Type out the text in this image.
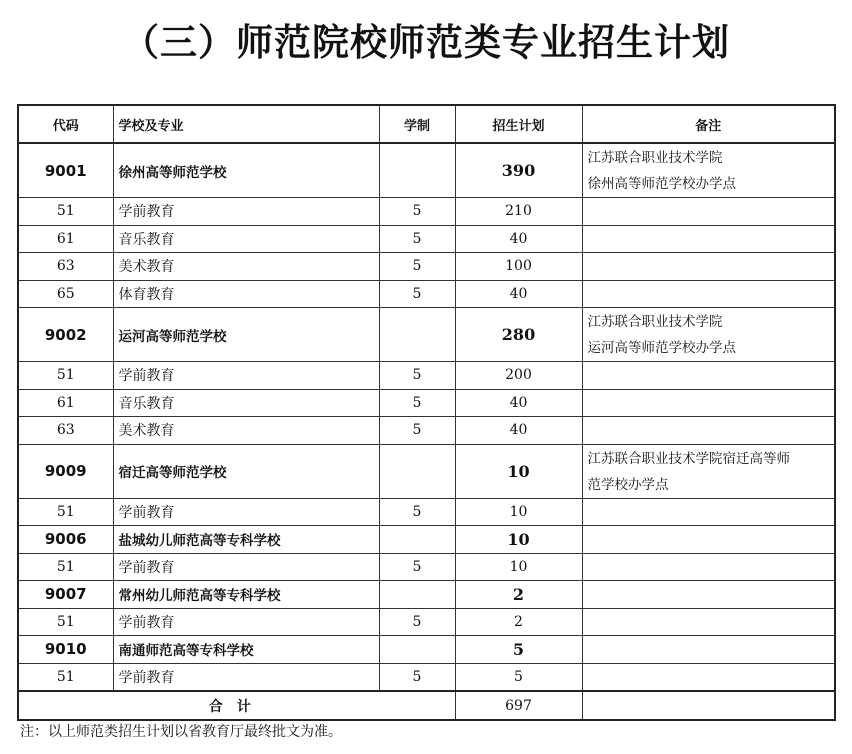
（三）师范院校师范类专业招生计划
代码	学校及专业	学制	招生计划	备注
9001	徐州高等师范学校		390	江苏联合职业技术学院
徐州高等师范学校办学点
51	学前教育	5	210	
61	音乐教育	5	40	
63	美术教育	5	100	
65	体育教育	5	40	
9002	运河高等师范学校		280	江苏联合职业技术学院
运河高等师范学校办学点
51	学前教育	5	200	
61	音乐教育	5	40	
63	美术教育	5	40	
9009	宿迁高等师范学校		10	江苏联合职业技术学院宿迁高等师
范学校办学点
51	学前教育	5	10	
9006	盐城幼儿师范高等专科学校		10	
51	学前教育	5	10	
9007	常州幼儿师范高等专科学校		2	
51	学前教育	5	2	
9010	南通师范高等专科学校		5	
51	学前教育	5	5	
合计			697	
注：以上师范类招生计划以省教育厅最终批文为准。
